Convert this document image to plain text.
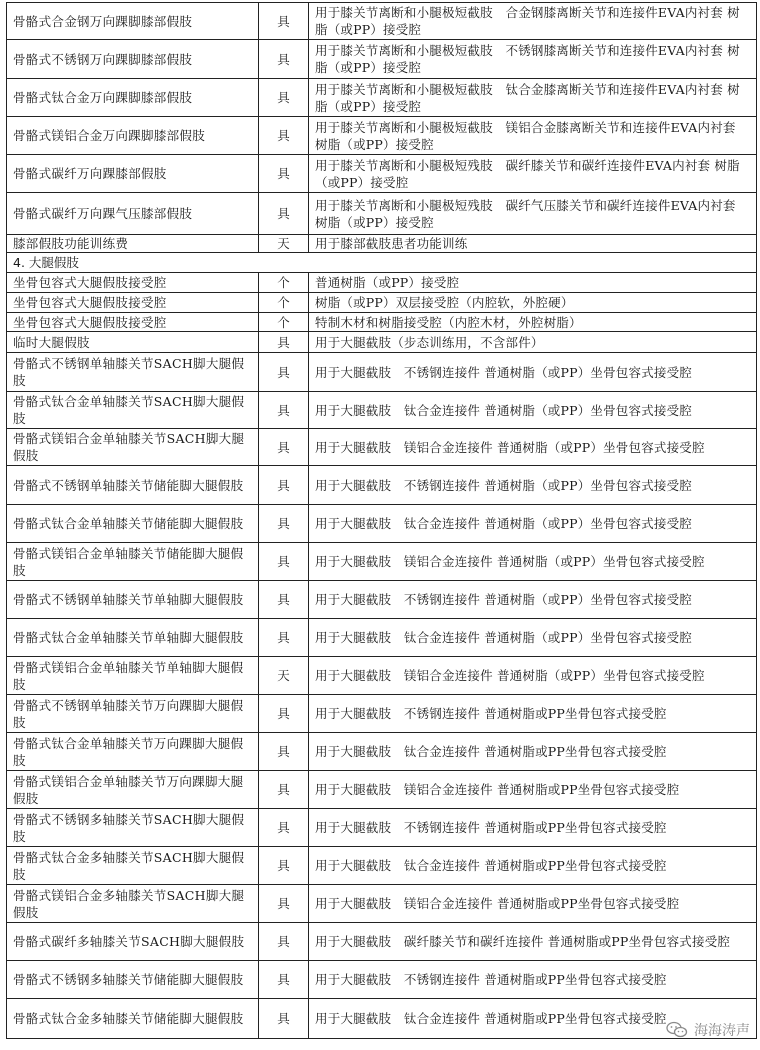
骨骼式合金钢万向踝脚膝部假肢	具	用于膝关节离断和小腿极短截肢　合金钢膝离断关节和连接件EVA内衬套 树脂（或PP）接受腔
骨骼式不锈钢万向踝脚膝部假肢	具	用于膝关节离断和小腿极短截肢　不锈钢膝离断关节和连接件EVA内衬套 树脂（或PP）接受腔
骨骼式钛合金万向踝脚膝部假肢	具	用于膝关节离断和小腿极短截肢　钛合金膝离断关节和连接件EVA内衬套 树脂（或PP）接受腔
骨骼式镁铝合金万向踝脚膝部假肢	具	用于膝关节离断和小腿极短截肢　镁铝合金膝离断关节和连接件EVA内衬套 树脂（或PP）接受腔
骨骼式碳纤万向踝膝部假肢	具	用于膝关节离断和小腿极短残肢　碳纤膝关节和碳纤连接件EVA内衬套 树脂（或PP）接受腔
骨骼式碳纤万向踝气压膝部假肢	具	用于膝关节离断和小腿极短残肢　碳纤气压膝关节和碳纤连接件EVA内衬套 树脂（或PP）接受腔
膝部假肢功能训练费	天	用于膝部截肢患者功能训练
4. 大腿假肢		
坐骨包容式大腿假肢接受腔	个	普通树脂（或PP）接受腔
坐骨包容式大腿假肢接受腔	个	树脂（或PP）双层接受腔（内腔软，外腔硬）
坐骨包容式大腿假肢接受腔	个	特制木材和树脂接受腔（内腔木材，外腔树脂）
临时大腿假肢	具	用于大腿截肢（步态训练用，不含部件）
骨骼式不锈钢单轴膝关节SACH脚大腿假肢	具	用于大腿截肢　不锈钢连接件 普通树脂（或PP）坐骨包容式接受腔
骨骼式钛合金单轴膝关节SACH脚大腿假肢	具	用于大腿截肢　钛合金连接件 普通树脂（或PP）坐骨包容式接受腔
骨骼式镁铝合金单轴膝关节SACH脚大腿假肢	具	用于大腿截肢　镁铝合金连接件 普通树脂（或PP）坐骨包容式接受腔
骨骼式不锈钢单轴膝关节储能脚大腿假肢	具	用于大腿截肢　不锈钢连接件 普通树脂（或PP）坐骨包容式接受腔
骨骼式钛合金单轴膝关节储能脚大腿假肢	具	用于大腿截肢　钛合金连接件 普通树脂（或PP）坐骨包容式接受腔
骨骼式镁铝合金单轴膝关节储能脚大腿假肢	具	用于大腿截肢　镁铝合金连接件 普通树脂（或PP）坐骨包容式接受腔
骨骼式不锈钢单轴膝关节单轴脚大腿假肢	具	用于大腿截肢　不锈钢连接件 普通树脂（或PP）坐骨包容式接受腔
骨骼式钛合金单轴膝关节单轴脚大腿假肢	具	用于大腿截肢　钛合金连接件 普通树脂（或PP）坐骨包容式接受腔
骨骼式镁铝合金单轴膝关节单轴脚大腿假肢	天	用于大腿截肢　镁铝合金连接件 普通树脂（或PP）坐骨包容式接受腔
骨骼式不锈钢单轴膝关节万向踝脚大腿假肢	具	用于大腿截肢　不锈钢连接件 普通树脂或PP坐骨包容式接受腔
骨骼式钛合金单轴膝关节万向踝脚大腿假肢	具	用于大腿截肢　钛合金连接件 普通树脂或PP坐骨包容式接受腔
骨骼式镁铝合金单轴膝关节万向踝脚大腿假肢	具	用于大腿截肢　镁铝合金连接件 普通树脂或PP坐骨包容式接受腔
骨骼式不锈钢多轴膝关节SACH脚大腿假肢	具	用于大腿截肢　不锈钢连接件 普通树脂或PP坐骨包容式接受腔
骨骼式钛合金多轴膝关节SACH脚大腿假肢	具	用于大腿截肢　钛合金连接件 普通树脂或PP坐骨包容式接受腔
骨骼式镁铝合金多轴膝关节SACH脚大腿假肢	具	用于大腿截肢　镁铝合金连接件 普通树脂或PP坐骨包容式接受腔
骨骼式碳纤多轴膝关节SACH脚大腿假肢	具	用于大腿截肢　碳纤膝关节和碳纤连接件 普通树脂或PP坐骨包容式接受腔
骨骼式不锈钢多轴膝关节储能脚大腿假肢	具	用于大腿截肢　不锈钢连接件 普通树脂或PP坐骨包容式接受腔
骨骼式钛合金多轴膝关节储能脚大腿假肢	具	用于大腿截肢　钛合金连接件 普通树脂或PP坐骨包容式接受腔
海海涛声
